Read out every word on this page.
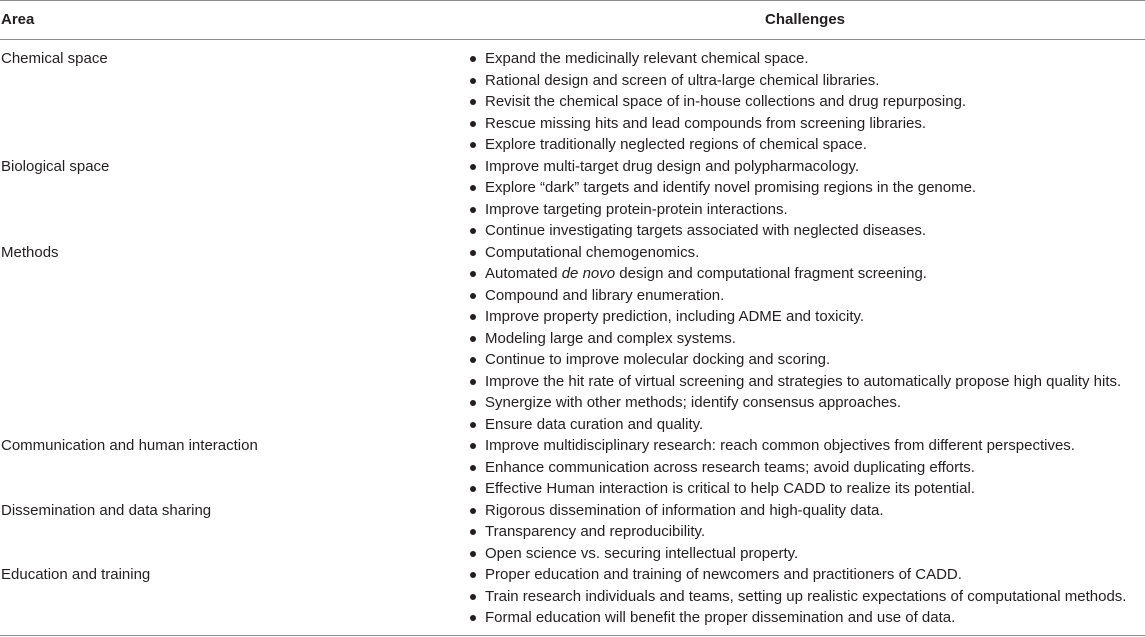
Area	Challenges
Chemical space	Expand the medicinally relevant chemical space.
Rational design and screen of ultra-large chemical libraries.
Revisit the chemical space of in-house collections and drug repurposing.
Rescue missing hits and lead compounds from screening libraries.
Explore traditionally neglected regions of chemical space.
Biological space	Improve multi-target drug design and polypharmacology.
Explore “dark” targets and identify novel promising regions in the genome.
Improve targeting protein-protein interactions.
Continue investigating targets associated with neglected diseases.
Methods	Computational chemogenomics.
Automated de novo design and computational fragment screening.
Compound and library enumeration.
Improve property prediction, including ADME and toxicity.
Modeling large and complex systems.
Continue to improve molecular docking and scoring.
Improve the hit rate of virtual screening and strategies to automatically propose high quality hits.
Synergize with other methods; identify consensus approaches.
Ensure data curation and quality.
Communication and human interaction	Improve multidisciplinary research: reach common objectives from different perspectives.
Enhance communication across research teams; avoid duplicating efforts.
Effective Human interaction is critical to help CADD to realize its potential.
Dissemination and data sharing	Rigorous dissemination of information and high-quality data.
Transparency and reproducibility.
Open science vs. securing intellectual property.
Education and training	Proper education and training of newcomers and practitioners of CADD.
Train research individuals and teams, setting up realistic expectations of computational methods.
Formal education will benefit the proper dissemination and use of data.
